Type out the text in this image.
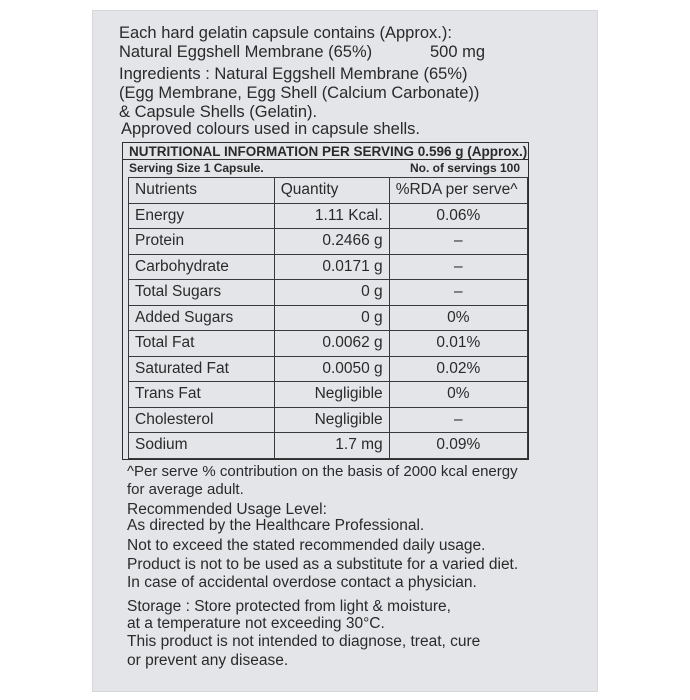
Each hard gelatin capsule contains (Approx.):
Natural Eggshell Membrane (65%)	500 mg
Ingredients : Natural Eggshell Membrane (65%)
(Egg Membrane, Egg Shell (Calcium Carbonate))
& Capsule Shells (Gelatin).
Approved colours used in capsule shells.
NUTRITIONAL INFORMATION PER SERVING 0.596 g (Approx.)
Serving Size 1 Capsule.	No. of servings 100
Nutrients	Quantity	%RDA per serve^
Energy	1.11 Kcal.	0.06%
Protein	0.2466 g	–
Carbohydrate	0.0171 g	–
Total Sugars	0 g	–
Added Sugars	0 g	0%
Total Fat	0.0062 g	0.01%
Saturated Fat	0.0050 g	0.02%
Trans Fat	Negligible	0%
Cholesterol	Negligible	–
Sodium	1.7 mg	0.09%
^Per serve % contribution on the basis of 2000 kcal energy
for average adult.
Recommended Usage Level:
As directed by the Healthcare Professional.
Not to exceed the stated recommended daily usage.
Product is not to be used as a substitute for a varied diet.
In case of accidental overdose contact a physician.
Storage : Store protected from light & moisture,
at a temperature not exceeding 30°C.
This product is not intended to diagnose, treat, cure
or prevent any disease.
